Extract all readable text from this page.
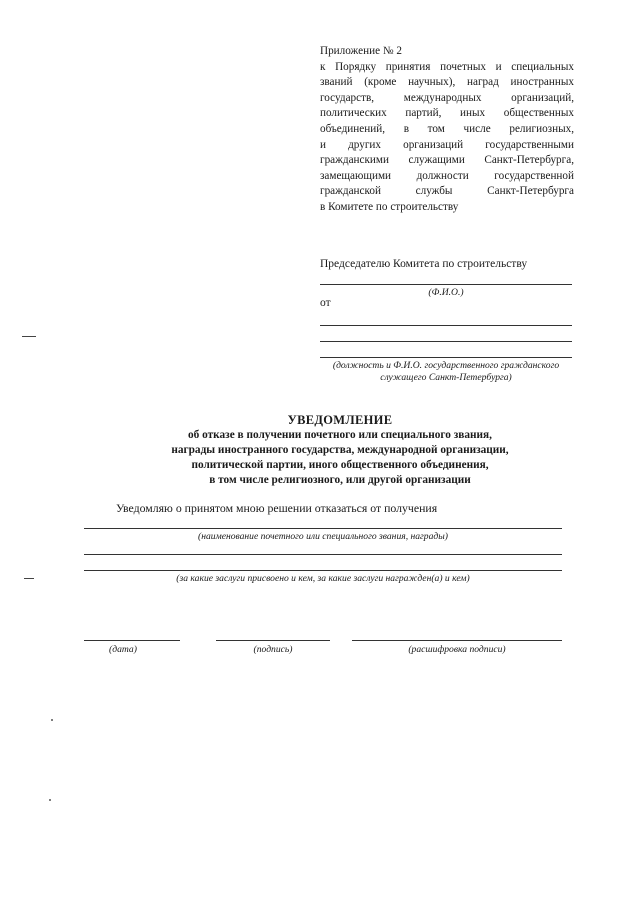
Приложение № 2
к Порядку принятия почетных и специальных
званий (кроме научных), наград иностранных
государств, международных организаций,
политических партий, иных общественных
объединений, в том числе религиозных,
и других организаций государственными
гражданскими служащими Санкт-Петербурга,
замещающими должности государственной
гражданской службы Санкт-Петербурга
в Комитете по строительству
Председателю Комитета по строительству
(Ф.И.О.)
от
(должность и Ф.И.О. государственного гражданского
служащего Санкт-Петербурга)
УВЕДОМЛЕНИЕ
об отказе в получении почетного или специального звания,
награды иностранного государства, международной организации,
политической партии, иного общественного объединения,
в том числе религиозного, или другой организации
Уведомляю о принятом мною решении отказаться от получения
(наименование почетного или специального звания, награды)
(за какие заслуги присвоено и кем, за какие заслуги награжден(а) и кем)
(дата)	(подпись)	(расшифровка подписи)
